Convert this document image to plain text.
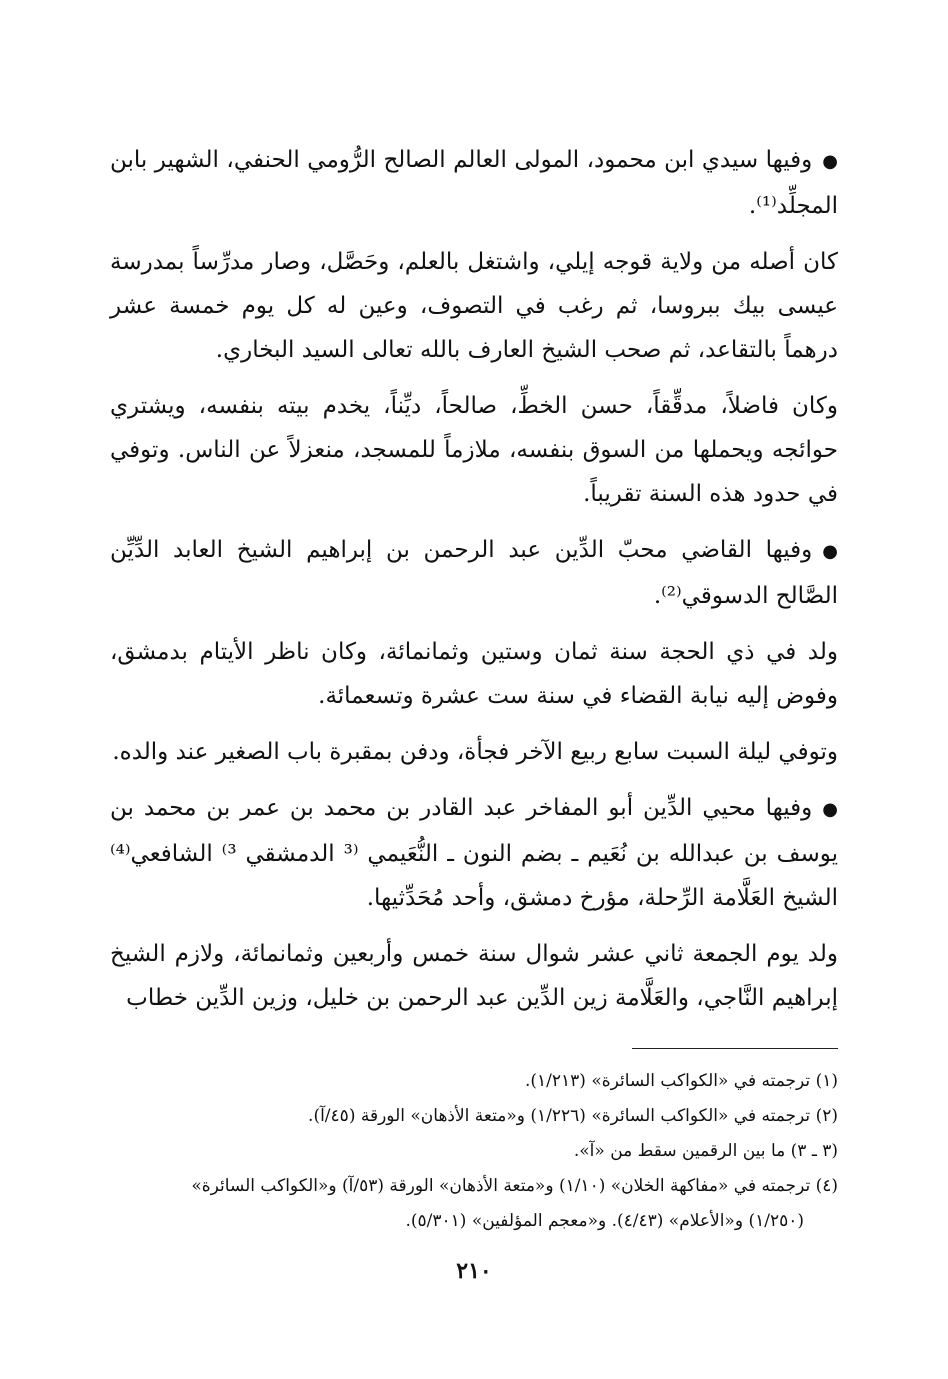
●وفيها سيدي ابن محمود، المولى العالم الصالح الرُّومي الحنفي، الشهير بابن المجلِّد⁽¹⁾.

كان أصله من ولاية قوجه إيلي، واشتغل بالعلم، وحَصَّل، وصار مدرِّساً بمدرسة عيسى بيك ببروسا، ثم رغب في التصوف، وعين له كل يوم خمسة عشر درهماً بالتقاعد، ثم صحب الشيخ العارف بالله تعالى السيد البخاري.

وكان فاضلاً، مدقِّقاً، حسن الخطِّ، صالحاً، ديِّناً، يخدم بيته بنفسه، ويشتري حوائجه ويحملها من السوق بنفسه، ملازماً للمسجد، منعزلاً عن الناس. وتوفي في حدود هذه السنة تقريباً.

●وفيها القاضي محبّ الدِّين عبد الرحمن بن إبراهيم الشيخ العابد الدِّيِّن الصَّالح الدسوقي⁽²⁾.

ولد في ذي الحجة سنة ثمان وستين وثمانمائة، وكان ناظر الأيتام بدمشق، وفوض إليه نيابة القضاء في سنة ست عشرة وتسعمائة.

وتوفي ليلة السبت سابع ربيع الآخر فجأة، ودفن بمقبرة باب الصغير عند والده.

●وفيها محيي الدِّين أبو المفاخر عبد القادر بن محمد بن عمر بن محمد بن يوسف بن عبدالله بن نُعَيم ـ بضم النون ـ النُّعَيمي ⁽³ الدمشقي ³⁾ الشافعي⁽⁴⁾ الشيخ العَلَّامة الرِّحلة، مؤرخ دمشق، وأحد مُحَدِّثيها.

ولد يوم الجمعة ثاني عشر شوال سنة خمس وأربعين وثمانمائة، ولازم الشيخ إبراهيم النَّاجي، والعَلَّامة زين الدِّين عبد الرحمن بن خليل، وزين الدِّين خطاب

(١) ترجمته في «الكواكب السائرة» (١/٢١٣).

(٢) ترجمته في «الكواكب السائرة» (١/٢٢٦) و«متعة الأذهان» الورقة (٤٥/آ).

(٣ ـ ٣) ما بين الرقمين سقط من «آ».

(٤) ترجمته في «مفاكهة الخلان» (١/١٠) و«متعة الأذهان» الورقة (٥٣/آ) و«الكواكب السائرة»

(١/٢٥٠) و«الأعلام» (٤/٤٣). و«معجم المؤلفين» (٥/٣٠١).

٢١٠
